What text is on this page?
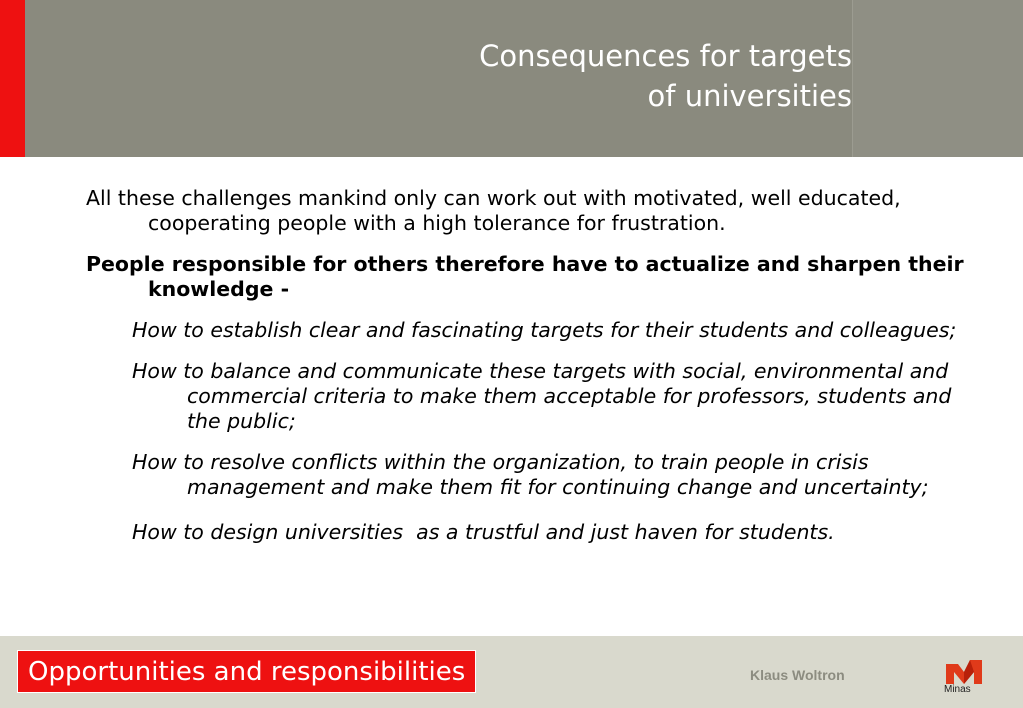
Consequences for targets
of universities

All these challenges mankind only can work out with motivated, well educated, cooperating people with a high tolerance for frustration.

People responsible for others therefore have to actualize and sharpen their knowledge -

How to establish clear and fascinating targets for their students and colleagues;

How to balance and communicate these targets with social, environmental and commercial criteria to make them acceptable for professors, students and the public;

How to resolve conflicts within the organization, to train people in crisis management and make them fit for continuing change and uncertainty;

How to design universities  as a trustful and just haven for students.

Opportunities and responsibilities	Klaus Woltron
Minas
